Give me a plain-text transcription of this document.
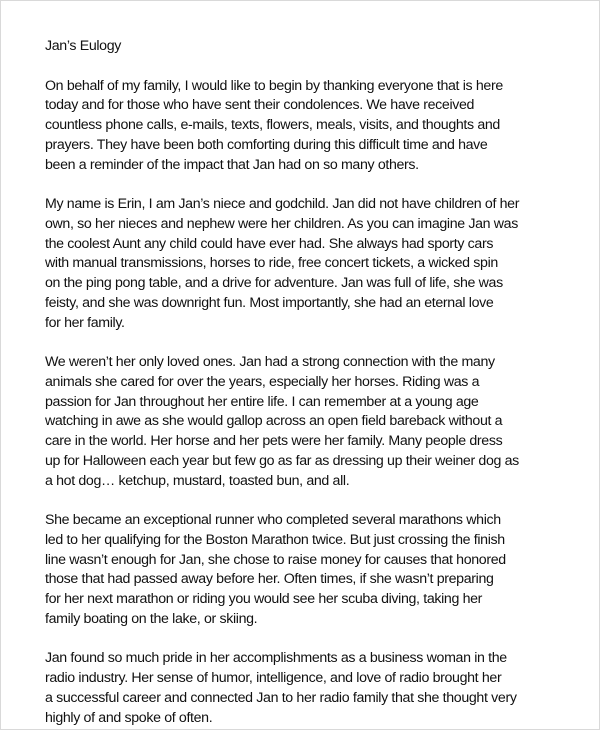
Jan’s Eulogy
On behalf of my family, I would like to begin by thanking everyone that is here
today and for those who have sent their condolences. We have received
countless phone calls, e-mails, texts, flowers, meals, visits, and thoughts and
prayers. They have been both comforting during this difficult time and have
been a reminder of the impact that Jan had on so many others.
My name is Erin, I am Jan’s niece and godchild. Jan did not have children of her
own, so her nieces and nephew were her children. As you can imagine Jan was
the coolest Aunt any child could have ever had. She always had sporty cars
with manual transmissions, horses to ride, free concert tickets, a wicked spin
on the ping pong table, and a drive for adventure. Jan was full of life, she was
feisty, and she was downright fun. Most importantly, she had an eternal love
for her family.
We weren’t her only loved ones. Jan had a strong connection with the many
animals she cared for over the years, especially her horses. Riding was a
passion for Jan throughout her entire life. I can remember at a young age
watching in awe as she would gallop across an open field bareback without a
care in the world. Her horse and her pets were her family. Many people dress
up for Halloween each year but few go as far as dressing up their weiner dog as
a hot dog… ketchup, mustard, toasted bun, and all.
She became an exceptional runner who completed several marathons which
led to her qualifying for the Boston Marathon twice. But just crossing the finish
line wasn’t enough for Jan, she chose to raise money for causes that honored
those that had passed away before her. Often times, if she wasn’t preparing
for her next marathon or riding you would see her scuba diving, taking her
family boating on the lake, or skiing.
Jan found so much pride in her accomplishments as a business woman in the
radio industry. Her sense of humor, intelligence, and love of radio brought her
a successful career and connected Jan to her radio family that she thought very
highly of and spoke of often.
